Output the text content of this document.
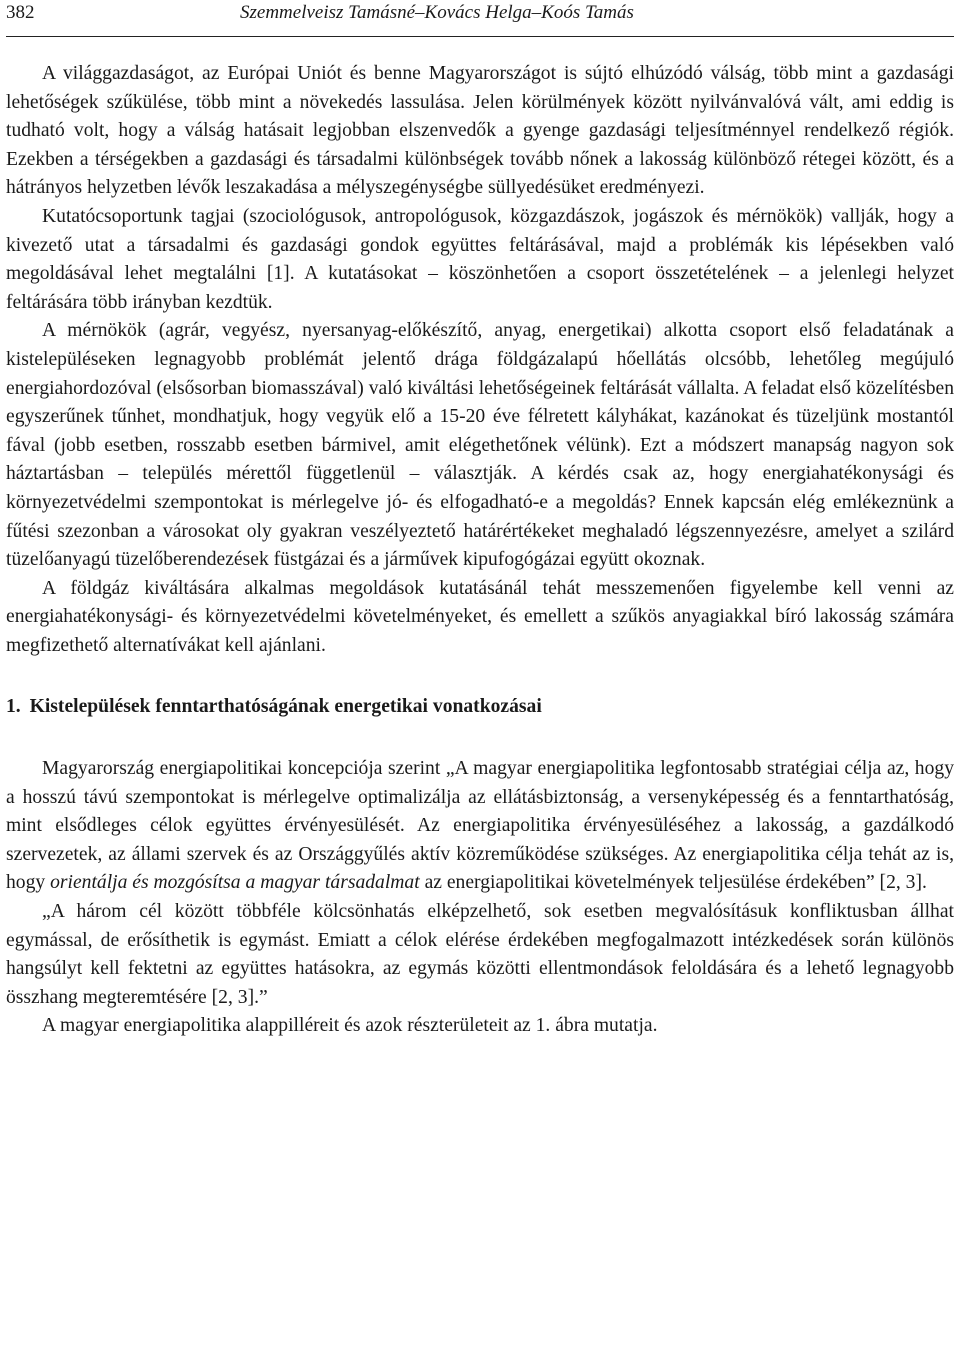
382	Szemmelveisz Tamásné–Kovács Helga–Koós Tamás

A világgazdaságot, az Európai Uniót és benne Magyarországot is sújtó elhúzódó válság, több mint a gazdasági lehetőségek szűkülése, több mint a növekedés lassulása. Jelen körülmények között nyilvánvalóvá vált, ami eddig is tudható volt, hogy a válság hatásait legjobban elszenvedők a gyenge gazdasági teljesítménnyel rendelkező régiók. Ezekben a térségekben a gazdasági és társadalmi különbségek tovább nőnek a lakosság különböző rétegei között, és a hátrányos helyzetben lévők leszakadása a mélyszegénységbe süllyedésüket eredményezi.

Kutatócsoportunk tagjai (szociológusok, antropológusok, közgazdászok, jogászok és mérnökök) vallják, hogy a kivezető utat a társadalmi és gazdasági gondok együttes feltárásával, majd a problémák kis lépésekben való megoldásával lehet megtalálni [1]. A kutatásokat – köszönhetően a csoport összetételének – a jelenlegi helyzet feltárására több irányban kezdtük.

A mérnökök (agrár, vegyész, nyersanyag-előkészítő, anyag, energetikai) alkotta csoport első feladatának a kistelepüléseken legnagyobb problémát jelentő drága földgázalapú hőellátás olcsóbb, lehetőleg megújuló energiahordozóval (elsősorban biomasszával) való kiváltási lehetőségeinek feltárását vállalta. A feladat első közelítésben egyszerűnek tűnhet, mondhatjuk, hogy vegyük elő a 15-20 éve félretett kályhákat, kazánokat és tüzeljünk mostantól fával (jobb esetben, rosszabb esetben bármivel, amit elégethetőnek vélünk). Ezt a módszert manapság nagyon sok háztartásban – település mérettől függetlenül – választják. A kérdés csak az, hogy energiahatékonysági és környezetvédelmi szempontokat is mérlegelve jó- és elfogadható-e a megoldás? Ennek kapcsán elég emlékeznünk a fűtési szezonban a városokat oly gyakran veszélyeztető határértékeket meghaladó légszennyezésre, amelyet a szilárd tüzelőanyagú tüzelőberendezések füstgázai és a járművek kipufogógázai együtt okoznak.

A földgáz kiváltására alkalmas megoldások kutatásánál tehát messzemenően figyelembe kell venni az energiahatékonysági- és környezetvédelmi követelményeket, és emellett a szűkös anyagiakkal bíró lakosság számára megfizethető alternatívákat kell ajánlani.

1. Kistelepülések fenntarthatóságának energetikai vonatkozásai

Magyarország energiapolitikai koncepciója szerint „A magyar energiapolitika legfontosabb stratégiai célja az, hogy a hosszú távú szempontokat is mérlegelve optimalizálja az ellátásbiztonság, a versenyképesség és a fenntarthatóság, mint elsődleges célok együttes érvényesülését. Az energiapolitika érvényesüléséhez a lakosság, a gazdálkodó szervezetek, az állami szervek és az Országgyűlés aktív közreműködése szükséges. Az energiapolitika célja tehát az is, hogy orientálja és mozgósítsa a magyar társadalmat az energiapolitikai követelmények teljesülése érdekében” [2, 3].

„A három cél között többféle kölcsönhatás elképzelhető, sok esetben megvalósításuk konfliktusban állhat egymással, de erősíthetik is egymást. Emiatt a célok elérése érdekében megfogalmazott intézkedések során különös hangsúlyt kell fektetni az együttes hatásokra, az egymás közötti ellentmondások feloldására és a lehető legnagyobb összhang megteremtésére [2, 3].”

A magyar energiapolitika alappilléreit és azok részterületeit az 1. ábra mutatja.
